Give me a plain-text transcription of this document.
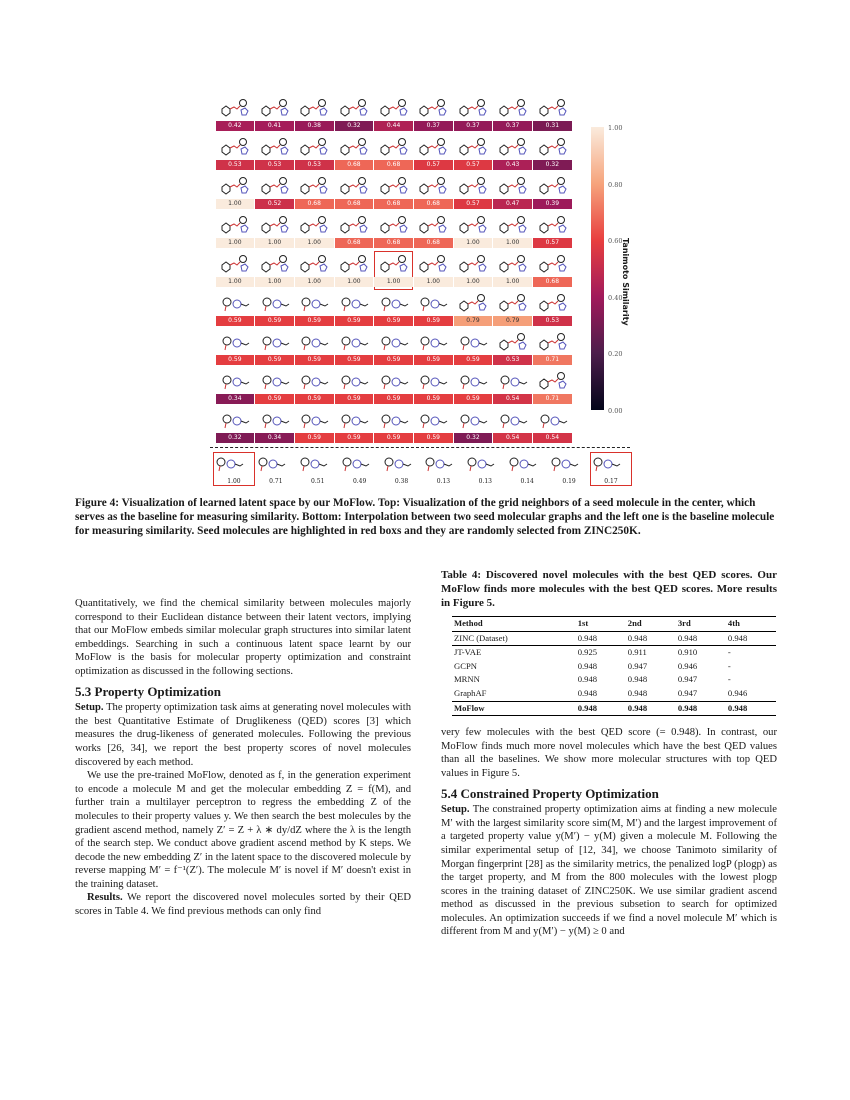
0.42	0.41	0.38	0.32	0.44	0.37	0.37	0.37	0.31
0.53	0.53	0.53	0.68	0.68	0.57	0.57	0.43	0.32
1.00	0.52	0.68	0.68	0.68	0.68	0.57	0.47	0.39
1.00	1.00	1.00	0.68	0.68	0.68	1.00	1.00	0.57
1.00	1.00	1.00	1.00	1.00	1.00	1.00	1.00	0.68
0.59	0.59	0.59	0.59	0.59	0.59	0.79	0.79	0.53
0.59	0.59	0.59	0.59	0.59	0.59	0.59	0.53	0.71
0.34	0.59	0.59	0.59	0.59	0.59	0.59	0.54	0.71
0.32	0.34	0.59	0.59	0.59	0.59	0.32	0.54	0.54
1.00
0.80
0.60
0.40
0.20
0.00
Tanimoto Similarity
1.00	0.71	0.51	0.49	0.38	0.13	0.13	0.14	0.19	0.17
Figure 4: Visualization of learned latent space by our MoFlow. Top: Visualization of the grid neighbors of a seed molecule in the center, which serves as the baseline for measuring similarity. Bottom: Interpolation between two seed molecular graphs and the left one is the baseline molecule for measuring similarity. Seed molecules are highlighted in red boxs and they are randomly selected from ZINC250K.

Quantitatively, we find the chemical similarity between molecules majorly correspond to their Euclidean distance between their latent vectors, implying that our MoFlow embeds similar molecular graph structures into similar latent embeddings. Searching in such a continuous latent space learnt by our MoFlow is the basis for molecular property optimization and constraint optimization as discussed in the following sections.

5.3 Property Optimization

Setup. The property optimization task aims at generating novel molecules with the best Quantitative Estimate of Druglikeness (QED) scores [3] which measures the drug-likeness of generated molecules. Following the previous works [26, 34], we report the best property scores of novel molecules discovered by each method.

We use the pre-trained MoFlow, denoted as f, in the generation experiment to encode a molecule M and get the molecular embedding Z = f(M), and further train a multilayer perceptron to regress the embedding Z of the molecules to their property values y. We then search the best molecules by the gradient ascend method, namely Z′ = Z + λ ∗ dy/dZ where the λ is the length of the search step. We conduct above gradient ascend method by K steps. We decode the new embedding Z′ in the latent space to the discovered molecule by reverse mapping M′ = f⁻¹(Z′). The molecule M′ is novel if M′ doesn't exist in the training dataset.

Results. We report the discovered novel molecules sorted by their QED scores in Table 4. We find previous methods can only find

Table 4: Discovered novel molecules with the best QED scores. Our MoFlow finds more molecules with the best QED scores. More results in Figure 5.

Method	1st	2nd	3rd	4th
ZINC (Dataset)	0.948	0.948	0.948	0.948
JT-VAE	0.925	0.911	0.910	-
GCPN	0.948	0.947	0.946	-
MRNN	0.948	0.948	0.947	-
GraphAF	0.948	0.948	0.947	0.946
MoFlow	0.948	0.948	0.948	0.948

very few molecules with the best QED score (= 0.948). In contrast, our MoFlow finds much more novel molecules which have the best QED values than all the baselines. We show more molecular structures with top QED values in Figure 5.

5.4 Constrained Property Optimization

Setup. The constrained property optimization aims at finding a new molecule M′ with the largest similarity score sim(M, M′) and the largest improvement of a targeted property value y(M′) − y(M) given a molecule M. Following the similar experimental setup of [12, 34], we choose Tanimoto similarity of Morgan fingerprint [28] as the similarity metrics, the penalized logP (plogp) as the target property, and M from the 800 molecules with the lowest plogp scores in the training dataset of ZINC250K. We use similar gradient ascend method as discussed in the previous subsetion to search for optimized molecules. An optimization succeeds if we find a novel molecule M′ which is different from M and y(M′) − y(M) ≥ 0 and
